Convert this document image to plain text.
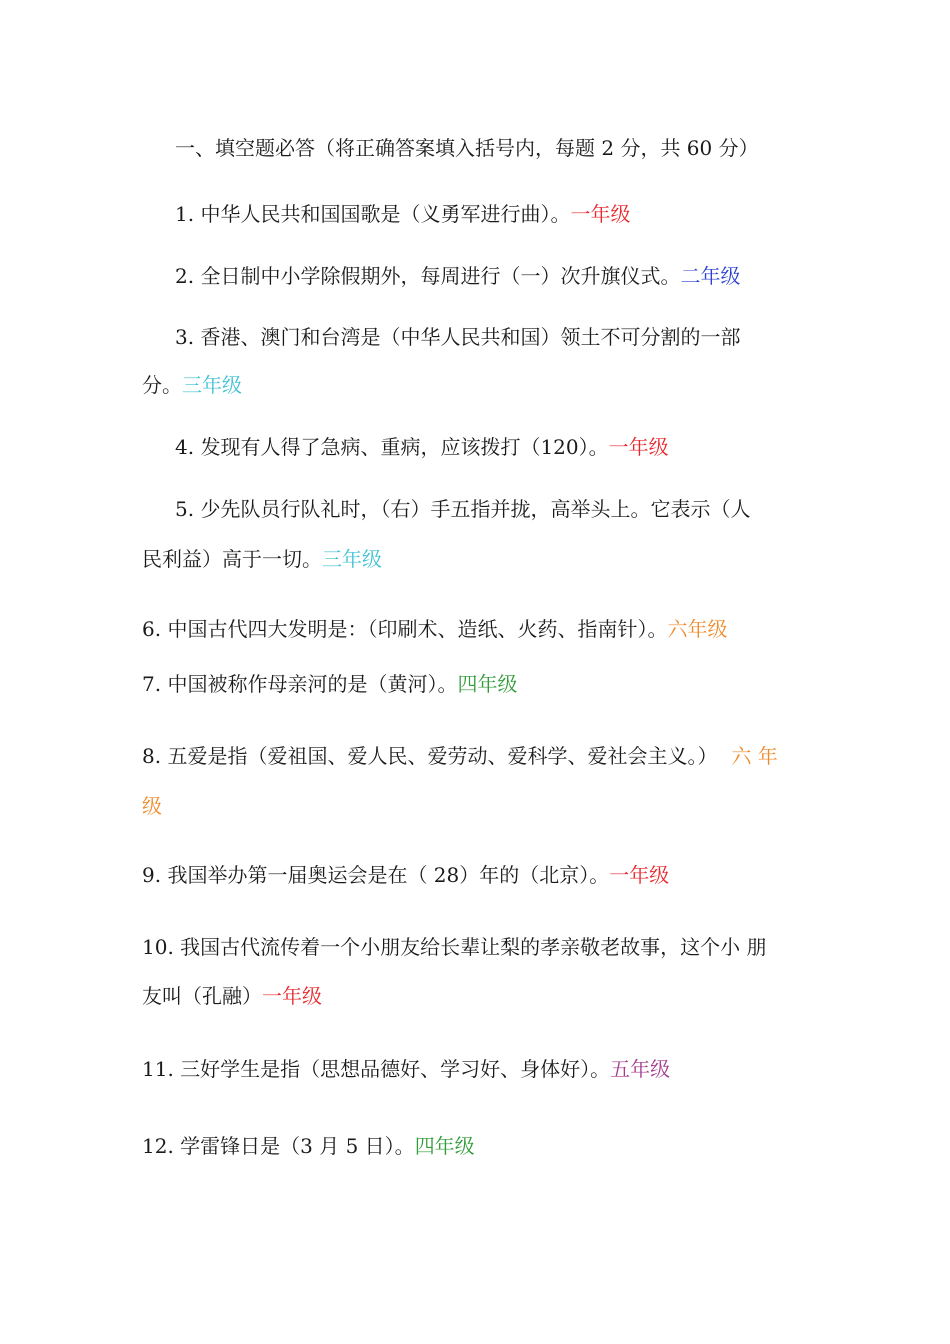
一、填空题必答（将正确答案填入括号内，每题 2 分，共 60 分）
1. 中华人民共和国国歌是（义勇军进行曲）。一年级
2. 全日制中小学除假期外，每周进行（一）次升旗仪式。二年级
3. 香港、澳门和台湾是（中华人民共和国）领土不可分割的一部
分。三年级
4. 发现有人得了急病、重病，应该拨打（120）。一年级
5. 少先队员行队礼时，（右）手五指并拢，高举头上。它表示（人
民利益）高于一切。三年级
6. 中国古代四大发明是：（印刷术、造纸、火药、指南针）。六年级
7. 中国被称作母亲河的是（黄河）。四年级
8. 五爱是指（爱祖国、爱人民、爱劳动、爱科学、爱社会主义。） 六 年
级
9. 我国举办第一届奥运会是在（ 28）年的（北京）。一年级
10. 我国古代流传着一个小朋友给长辈让梨的孝亲敬老故事，这个小 朋
友叫（孔融）一年级
11. 三好学生是指（思想品德好、学习好、身体好）。五年级
12. 学雷锋日是（3 月 5 日）。四年级
